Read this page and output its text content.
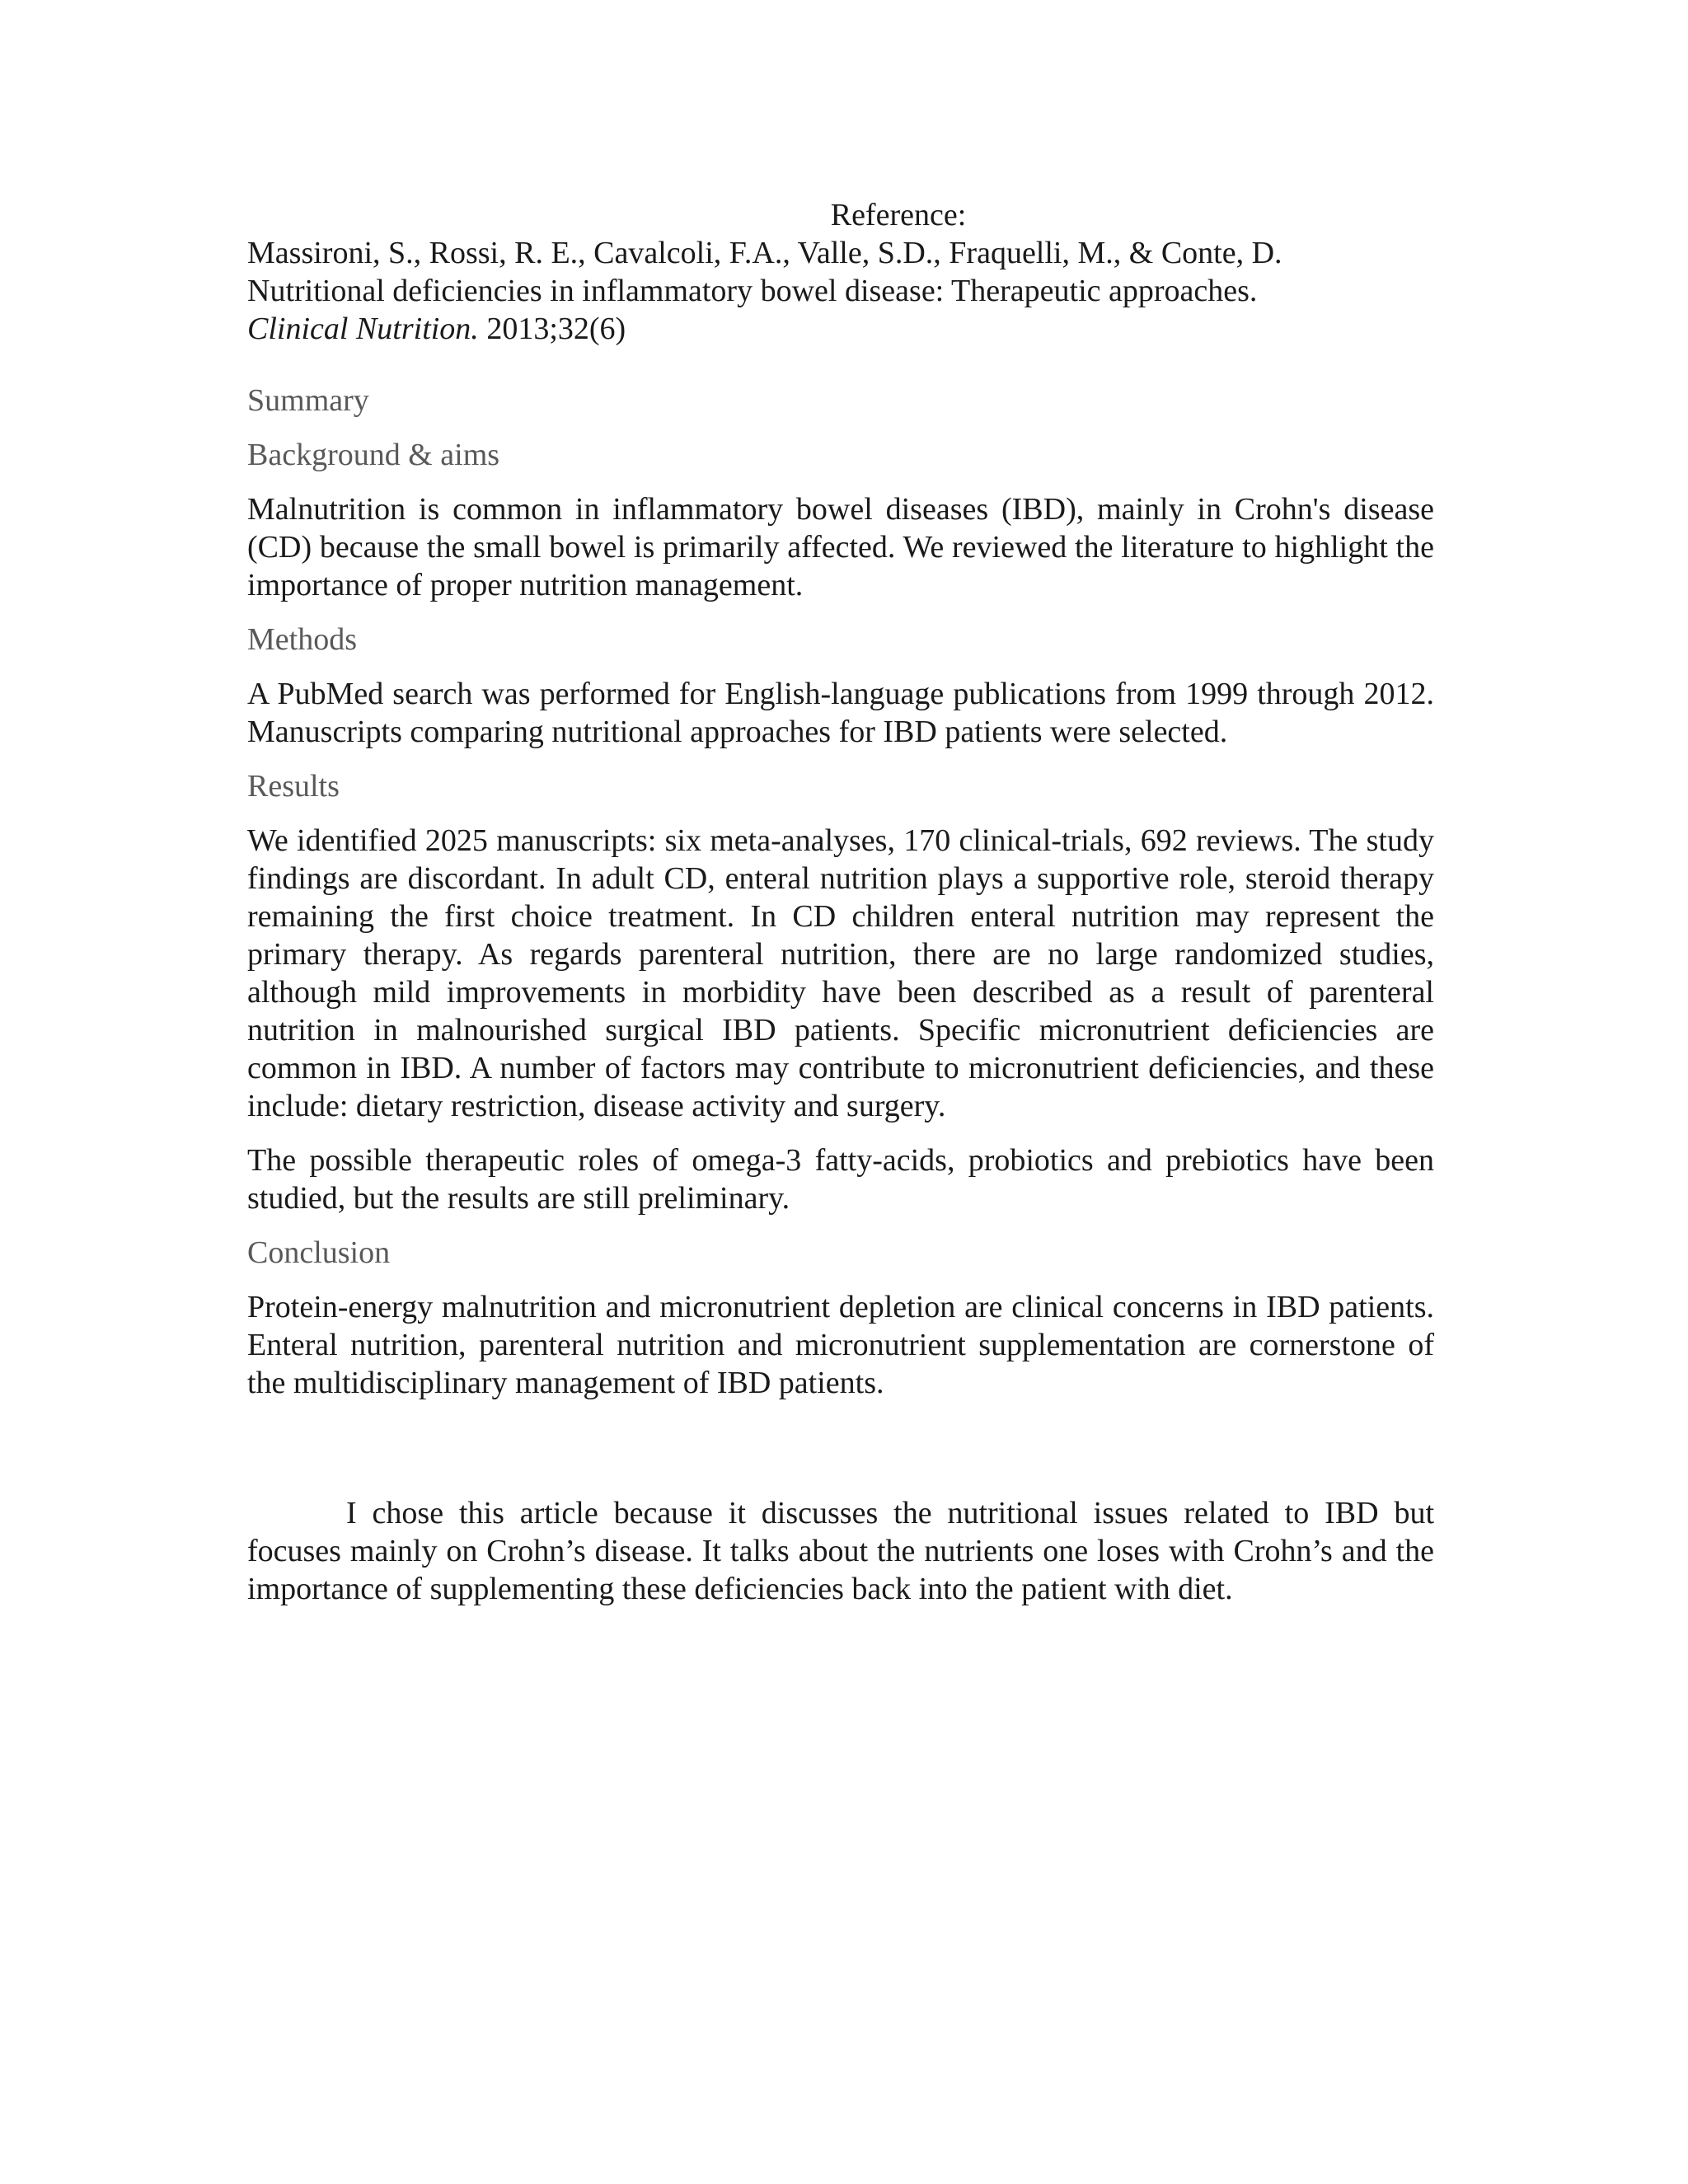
Reference:

Massironi, S., Rossi, R. E., Cavalcoli, F.A., Valle, S.D., Fraquelli, M., & Conte, D.

Nutritional deficiencies in inflammatory bowel disease: Therapeutic approaches.

Clinical Nutrition. 2013;32(6)

Summary

Background & aims

Malnutrition is common in inflammatory bowel diseases (IBD), mainly in Crohn's disease (CD) because the small bowel is primarily affected. We reviewed the literature to highlight the importance of proper nutrition management.

Methods

A PubMed search was performed for English-language publications from 1999 through 2012. Manuscripts comparing nutritional approaches for IBD patients were selected.

Results

We identified 2025 manuscripts: six meta-analyses, 170 clinical-trials, 692 reviews. The study findings are discordant. In adult CD, enteral nutrition plays a supportive role, steroid therapy remaining the first choice treatment. In CD children enteral nutrition may represent the primary therapy. As regards parenteral nutrition, there are no large randomized studies, although mild improvements in morbidity have been described as a result of parenteral nutrition in malnourished surgical IBD patients. Specific micronutrient deficiencies are common in IBD. A number of factors may contribute to micronutrient deficiencies, and these include: dietary restriction, disease activity and surgery.

The possible therapeutic roles of omega-3 fatty-acids, probiotics and prebiotics have been studied, but the results are still preliminary.

Conclusion

Protein-energy malnutrition and micronutrient depletion are clinical concerns in IBD patients. Enteral nutrition, parenteral nutrition and micronutrient supplementation are cornerstone of the multidisciplinary management of IBD patients.

I chose this article because it discusses the nutritional issues related to IBD but focuses mainly on Crohn’s disease. It talks about the nutrients one loses with Crohn’s and the importance of supplementing these deficiencies back into the patient with diet.
